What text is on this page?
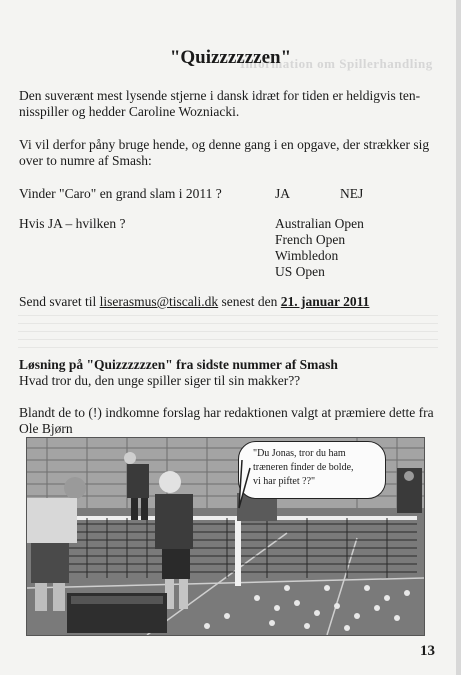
Information om Spillerhandling
"Quizzzzzzen"
Den suverænt mest lysende stjerne i dansk idræt for tiden er heldigvis ten-
nisspiller og hedder Caroline Wozniacki.
Vi vil derfor påny bruge hende, og denne gang i en opgave, der strækker sig
over to numre af Smash:
Vinder "Caro" en grand slam i 2011 ?	JA	NEJ
Hvis JA – hvilken ?	Australian Open
French Open
Wimbledon
US Open
Send svaret til liserasmus@tiscali.dk senest den 21. januar 2011
Løsning på "Quizzzzzzen" fra sidste nummer af Smash
Hvad tror du, den unge spiller siger til sin makker??
Blandt de to (!) indkomne forslag har redaktionen valgt at præmiere dette fra
Ole Bjørn
"Du Jonas, tror du ham
træneren finder de bolde,
vi har piftet ??"
13
